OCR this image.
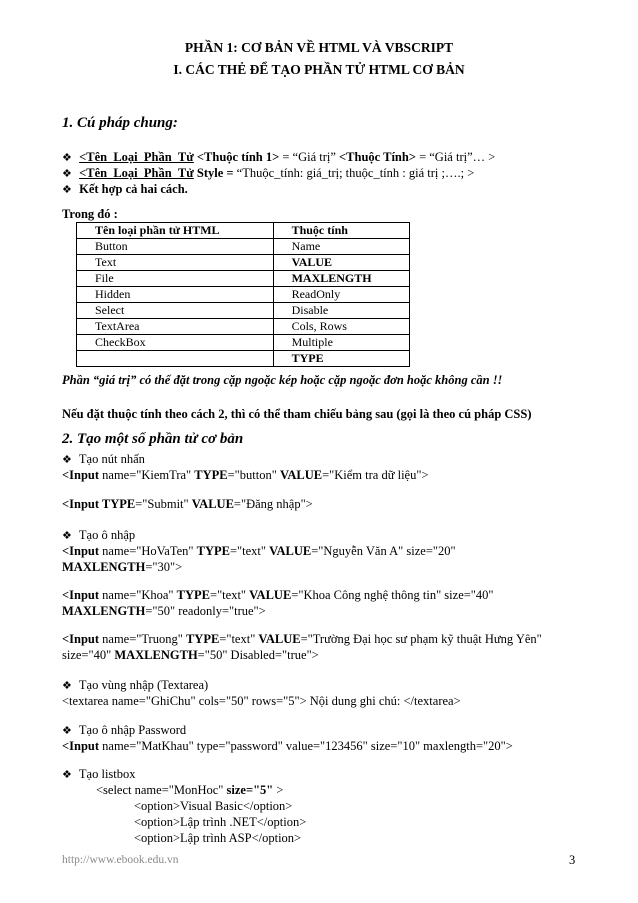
PHẦN 1: CƠ BẢN VỀ HTML VÀ VBSCRIPT
I. CÁC THẺ ĐỂ TẠO PHẦN TỬ HTML CƠ BẢN
1. Cú pháp chung:
❖ <Tên_Loại_Phần_Tử <Thuộc tính 1> = “Giá trị” <Thuộc Tính> = “Giá trị”… >
❖ <Tên_Loại_Phần_Tử Style = “Thuộc_tính: giá_trị; thuộc_tính : giá trị ;….; >
❖ Kết hợp cả hai cách.
Trong đó :
Tên loại phần tử HTML	Thuộc tính
Button	Name
Text	VALUE
File	MAXLENGTH
Hidden	ReadOnly
Select	Disable
TextArea	Cols, Rows
CheckBox	Multiple
	TYPE
Phần “giá trị” có thể đặt trong cặp ngoặc kép hoặc cặp ngoặc đơn hoặc không cần !!
Nếu đặt thuộc tính theo cách 2, thì có thể tham chiếu bảng sau (gọi là theo cú pháp CSS)
2. Tạo một số phần tử cơ bản
❖ Tạo nút nhấn
<Input name="KiemTra" TYPE="button" VALUE="Kiểm tra dữ liệu">
<Input TYPE="Submit" VALUE="Đăng nhập">
❖ Tạo ô nhập
<Input name="HoVaTen" TYPE="text" VALUE="Nguyễn Văn A" size="20"
MAXLENGTH="30">
<Input name="Khoa" TYPE="text" VALUE="Khoa Công nghệ thông tin" size="40"
MAXLENGTH="50" readonly="true">
<Input name="Truong" TYPE="text" VALUE="Trường Đại học sư phạm kỹ thuật Hưng Yên"
size="40" MAXLENGTH="50" Disabled="true">
❖ Tạo vùng nhập (Textarea)
<textarea name="GhiChu" cols="50" rows="5"> Nội dung ghi chú: </textarea>
❖ Tạo ô nhập Password
<Input name="MatKhau" type="password" value="123456" size="10" maxlength="20">
❖ Tạo listbox
<select name="MonHoc" size="5" >
<option>Visual Basic</option>
<option>Lập trình .NET</option>
<option>Lập trình ASP</option>
http://www.ebook.edu.vn	3
